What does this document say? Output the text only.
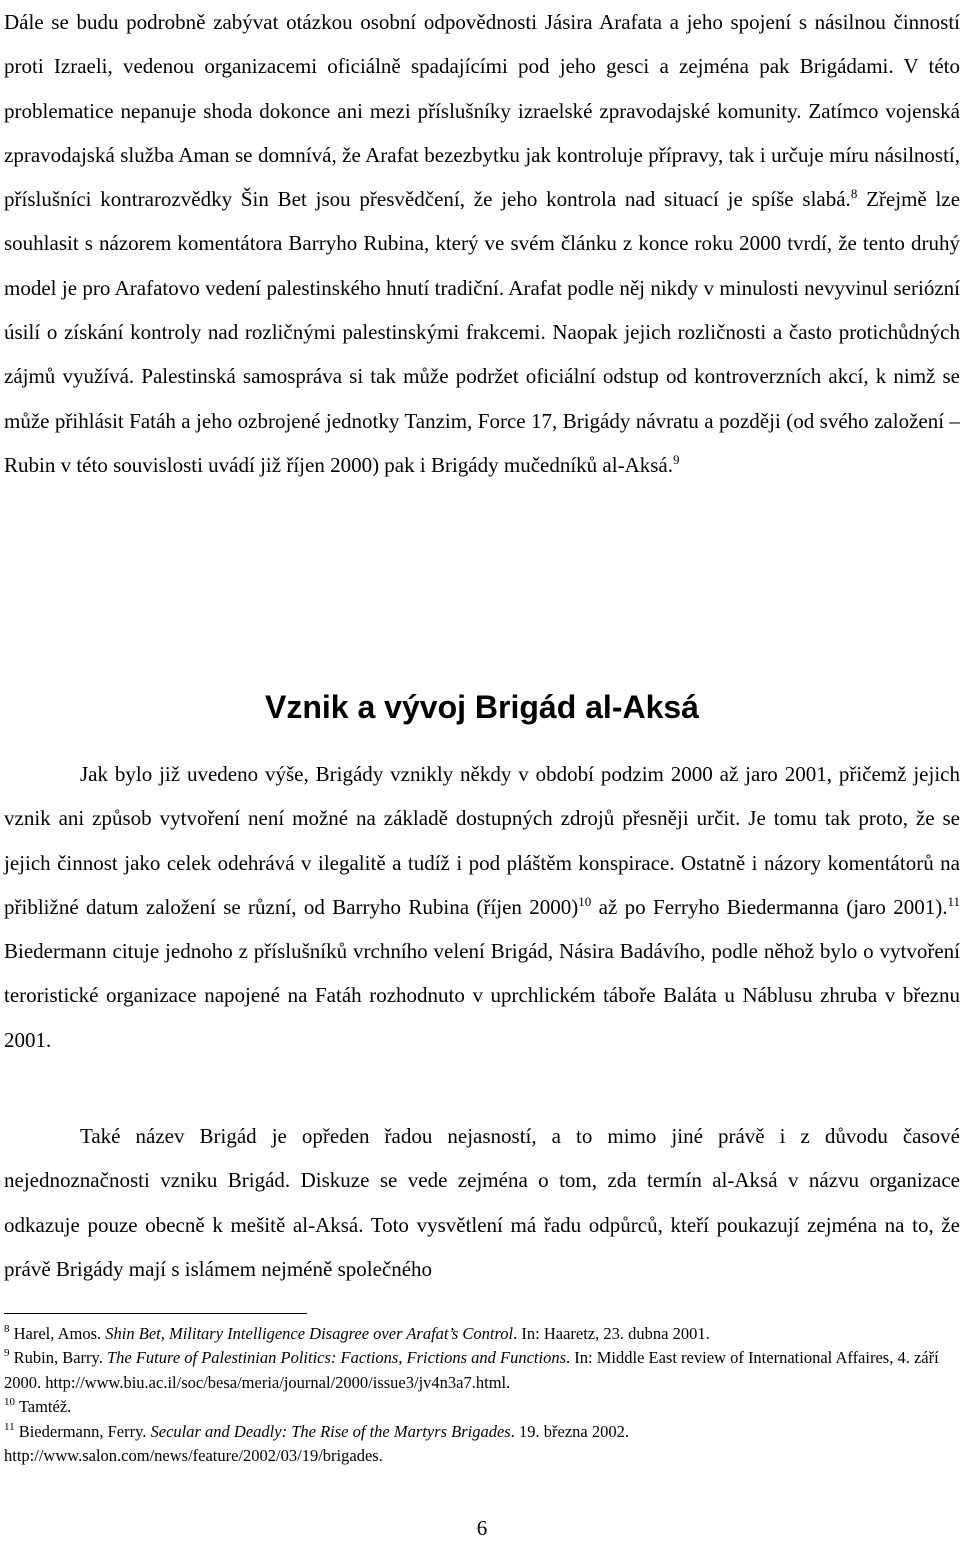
Dále se budu podrobně zabývat otázkou osobní odpovědnosti Jásira Arafata a jeho spojení s násilnou činností proti Izraeli, vedenou organizacemi oficiálně spadajícími pod jeho gesci a zejména pak Brigádami. V této problematice nepanuje shoda dokonce ani mezi příslušníky izraelské zpravodajské komunity. Zatímco vojenská zpravodajská služba Aman se domnívá, že Arafat bezezbytku jak kontroluje přípravy, tak i určuje míru násilností, příslušníci kontrarozvědky Šin Bet jsou přesvědčení, že jeho kontrola nad situací je spíše slabá.$^8$ Zřejmě lze souhlasit s názorem komentátora Barryho Rubina, který ve svém článku z konce roku 2000 tvrdí, že tento druhý model je pro Arafatovo vedení palestinského hnutí tradiční. Arafat podle něj nikdy v minulosti nevyvinul seriózní úsilí o získání kontroly nad rozličnými palestinskými frakcemi. Naopak jejich rozličnosti a často protichůdných zájmů využívá. Palestinská samospráva si tak může podržet oficiální odstup od kontroverzních akcí, k nimž se může přihlásit Fatáh a jeho ozbrojené jednotky Tanzim, Force 17, Brigády návratu a později (od svého založení – Rubin v této souvislosti uvádí již říjen 2000) pak i Brigády mučedníků al-Aksá.$^9$

Vznik a vývoj Brigád al-Aksá

Jak bylo již uvedeno výše, Brigády vznikly někdy v období podzim 2000 až jaro 2001, přičemž jejich vznik ani způsob vytvoření není možné na základě dostupných zdrojů přesněji určit. Je tomu tak proto, že se jejich činnost jako celek odehrává v ilegalitě a tudíž i pod pláštěm konspirace. Ostatně i názory komentátorů na přibližné datum založení se různí, od Barryho Rubina (říjen 2000)$^{10}$ až po Ferryho Biedermanna (jaro 2001).$^{11}$ Biedermann cituje jednoho z příslušníků vrchního velení Brigád, Násira Badávího, podle něhož bylo o vytvoření teroristické organizace napojené na Fatáh rozhodnuto v uprchlickém táboře Baláta u Náblusu zhruba v březnu 2001.

Také název Brigád je opředen řadou nejasností, a to mimo jiné právě i z důvodu časové nejednoznačnosti vzniku Brigád. Diskuze se vede zejména o tom, zda termín al-Aksá v názvu organizace odkazuje pouze obecně k mešitě al-Aksá. Toto vysvětlení má řadu odpůrců, kteří poukazují zejména na to, že právě Brigády mají s islámem nejméně společného

$^8$ Harel, Amos. Shin Bet, Military Intelligence Disagree over Arafat’s Control. In: Haaretz, 23. dubna 2001.

$^9$ Rubin, Barry. The Future of Palestinian Politics: Factions, Frictions and Functions. In: Middle East review of International Affaires, 4. září 2000. http://www.biu.ac.il/soc/besa/meria/journal/2000/issue3/jv4n3a7.html.

$^{10}$ Tamtéž.

$^{11}$ Biedermann, Ferry. Secular and Deadly: The Rise of the Martyrs Brigades. 19. března 2002. http://www.salon.com/news/feature/2002/03/19/brigades.

6
